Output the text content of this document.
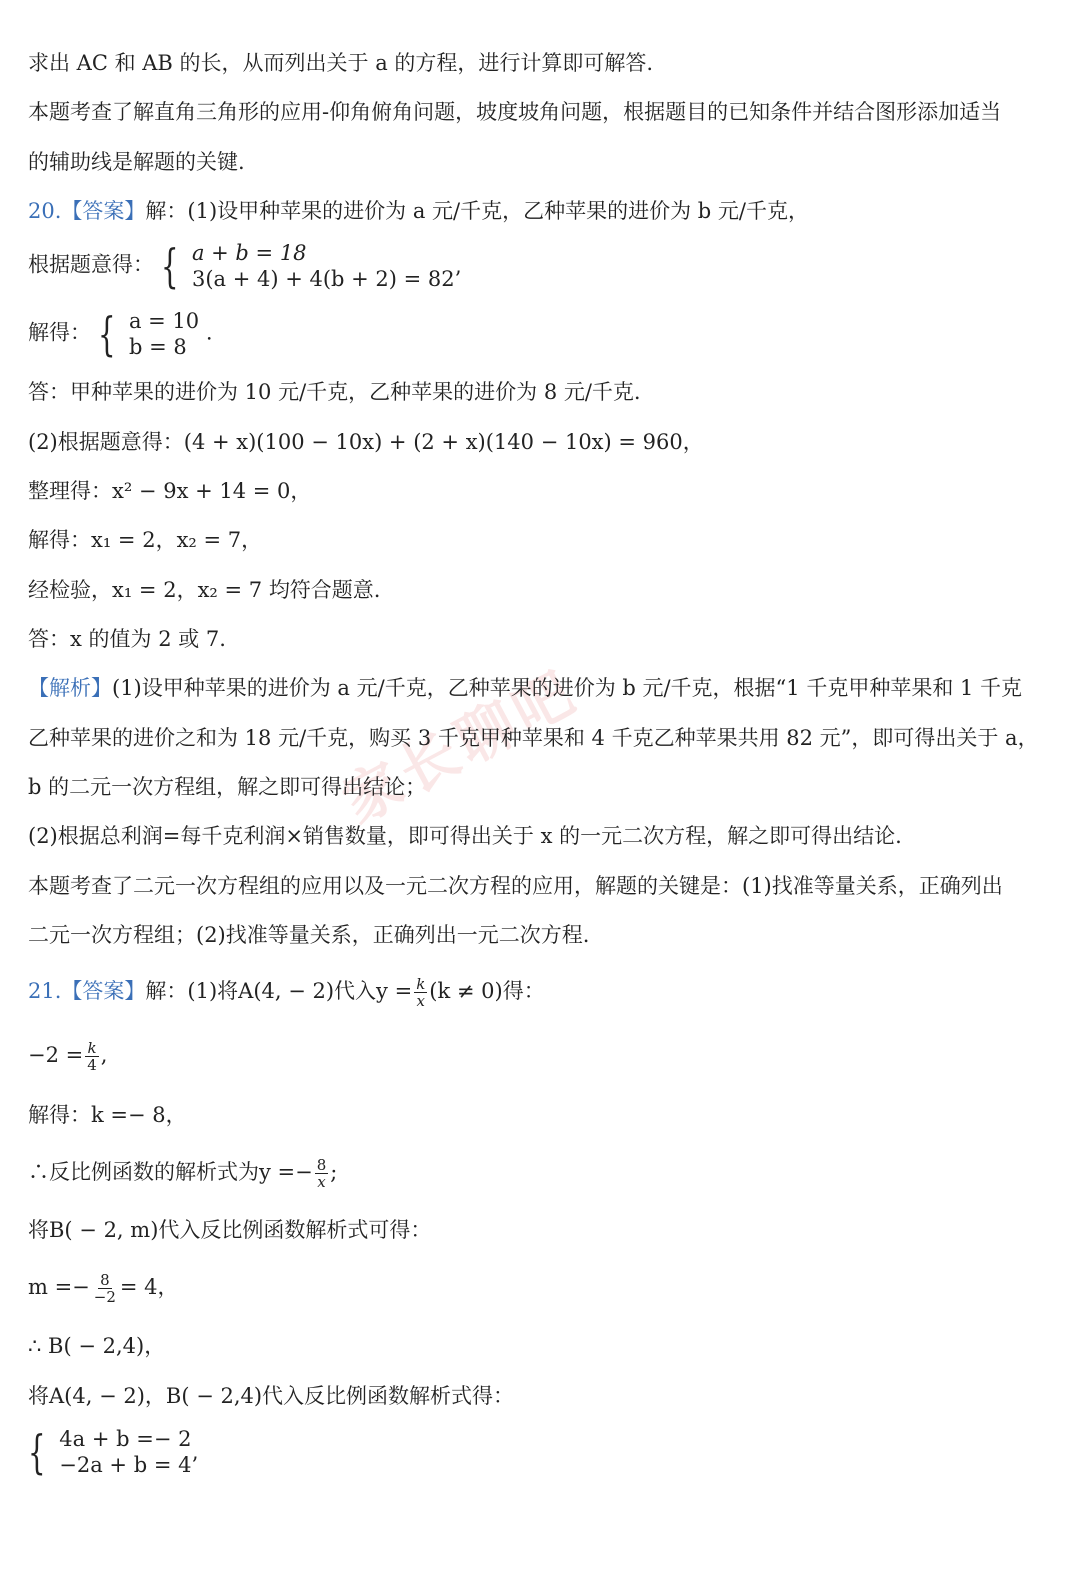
家长聊吧
求出 AC 和 AB 的长，从而列出关于 a 的方程，进行计算即可解答.
本题考查了解直角三角形的应用-仰角俯角问题，坡度坡角问题，根据题目的已知条件并结合图形添加适当
的辅助线是解题的关键.
20.【答案】解：(1)设甲种苹果的进价为 a 元/千克，乙种苹果的进价为 b 元/千克，
根据题意得： { a + b = 18
3(a + 4) + 4(b + 2) = 82’
解得： { a = 10
b = 8
.
答：甲种苹果的进价为 10 元/千克，乙种苹果的进价为 8 元/千克.
(2)根据题意得：(4 + x)(100 − 10x) + (2 + x)(140 − 10x) = 960，
整理得：x² − 9x + 14 = 0，
解得：x₁ = 2，x₂ = 7，
经检验，x₁ = 2，x₂ = 7 均符合题意.
答：x 的值为 2 或 7.
【解析】(1)设甲种苹果的进价为 a 元/千克，乙种苹果的进价为 b 元/千克，根据“1 千克甲种苹果和 1 千克
乙种苹果的进价之和为 18 元/千克，购买 3 千克甲种苹果和 4 千克乙种苹果共用 82 元”，即可得出关于 a，
b 的二元一次方程组，解之即可得出结论；
(2)根据总利润=每千克利润×销售数量，即可得出关于 x 的一元二次方程，解之即可得出结论.
本题考查了二元一次方程组的应用以及一元二次方程的应用，解题的关键是：(1)找准等量关系，正确列出
二元一次方程组；(2)找准等量关系，正确列出一元二次方程.
21.【答案】解：(1)将A(4, − 2)代入$y = \frac{k}{x} (k \ne 0)$得：
$-2 = \frac{k}{4}$ ,
解得：k =− 8，
∴反比例函数的解析式为$y =- \frac{8}{x}$ ;
将B( − 2, m)代入反比例函数解析式可得：
$m =- \frac{8}{-2} = 4$，
∴ B( − 2,4)，
将A(4, − 2)，B( − 2,4)代入反比例函数解析式得：
{ 4a + b =− 2
−2a + b = 4’
